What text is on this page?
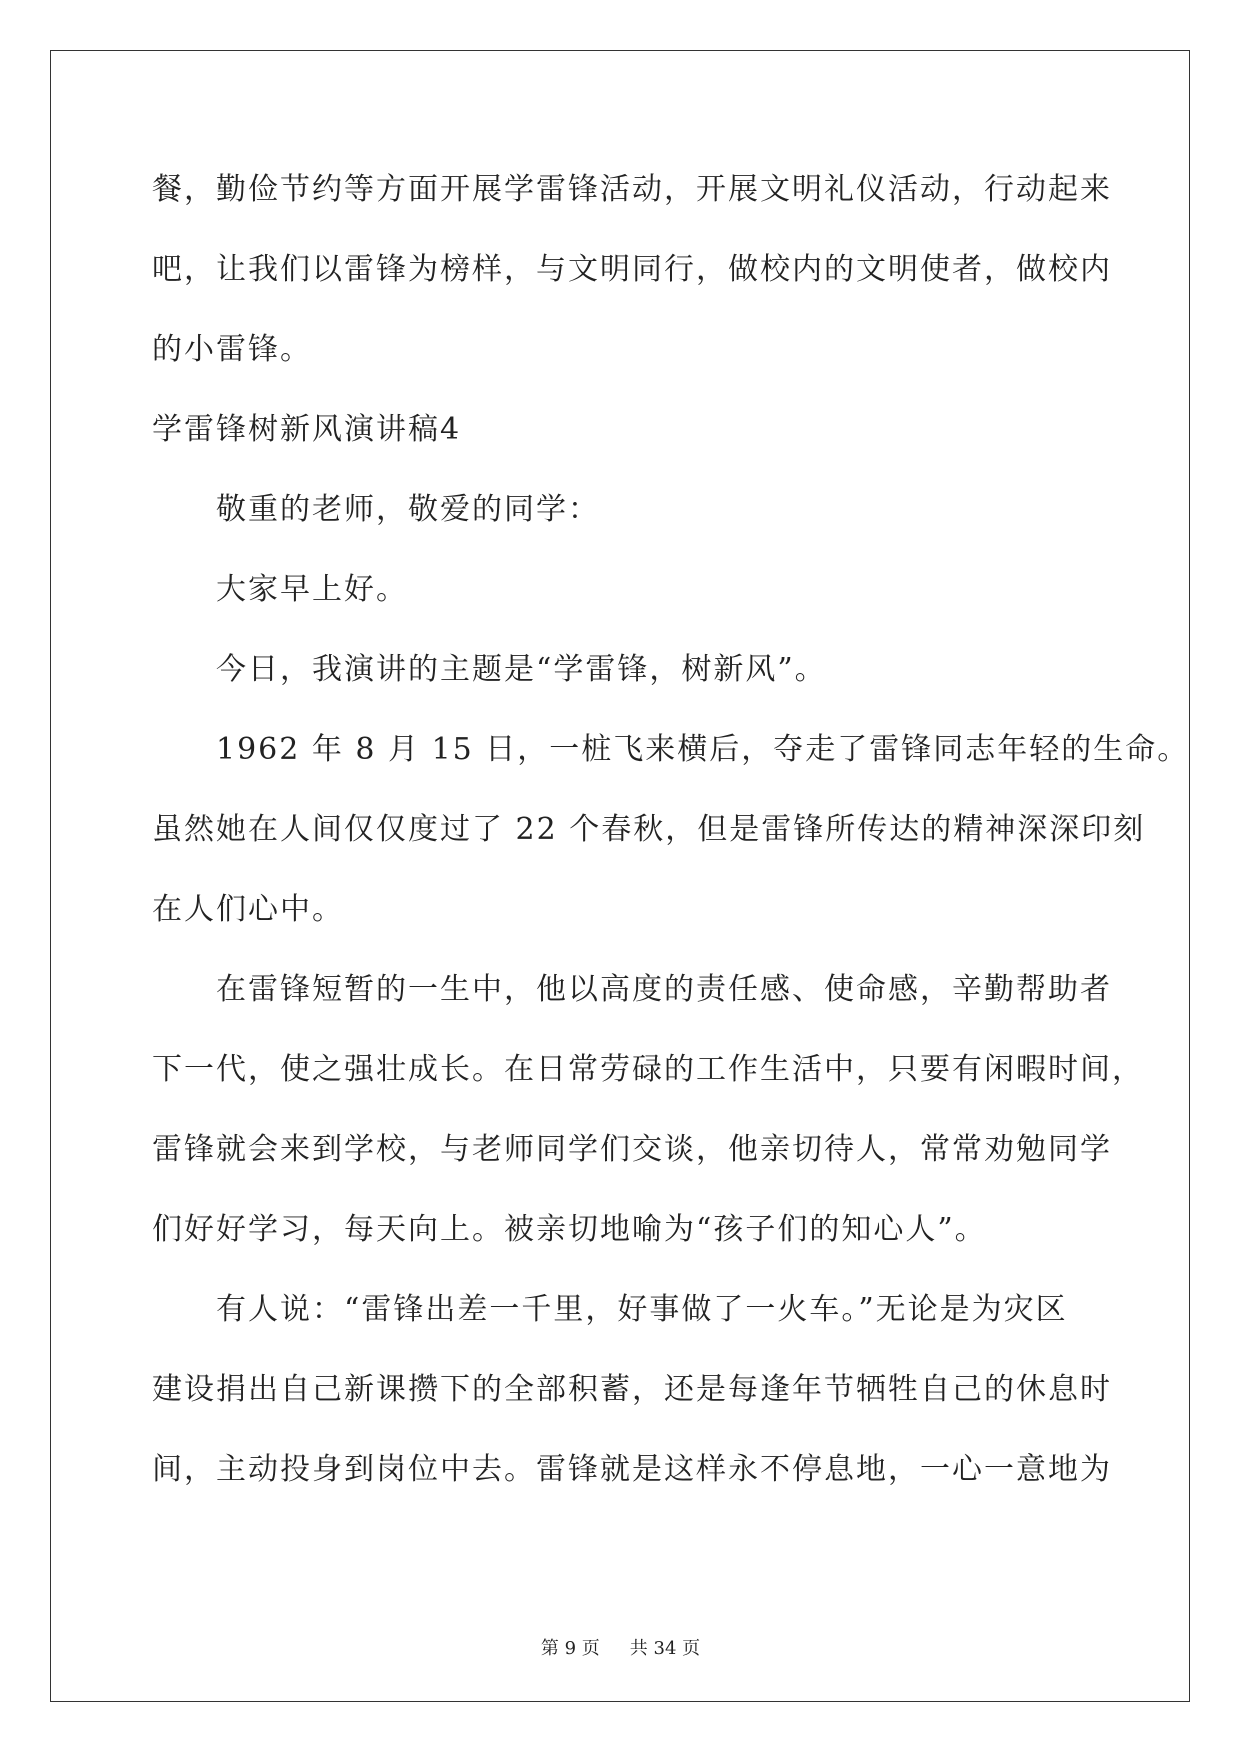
餐，勤俭节约等方面开展学雷锋活动，开展文明礼仪活动，行动起来

吧，让我们以雷锋为榜样，与文明同行，做校内的文明使者，做校内

的小雷锋。

学雷锋树新风演讲稿4

敬重的老师，敬爱的同学：

大家早上好。

今日，我演讲的主题是“学雷锋，树新风”。

1962 年 8 月 15 日，一桩飞来横后，夺走了雷锋同志年轻的生命。

虽然她在人间仅仅度过了 22 个春秋，但是雷锋所传达的精神深深印刻

在人们心中。

在雷锋短暂的一生中，他以高度的责任感、使命感，辛勤帮助者

下一代，使之强壮成长。在日常劳碌的工作生活中，只要有闲暇时间，

雷锋就会来到学校，与老师同学们交谈，他亲切待人，常常劝勉同学

们好好学习，每天向上。被亲切地喻为“孩子们的知心人”。

有人说：“雷锋出差一千里，好事做了一火车。”无论是为灾区

建设捐出自己新课攒下的全部积蓄，还是每逢年节牺牲自己的休息时

间，主动投身到岗位中去。雷锋就是这样永不停息地，一心一意地为

第 9 页 共 34 页
